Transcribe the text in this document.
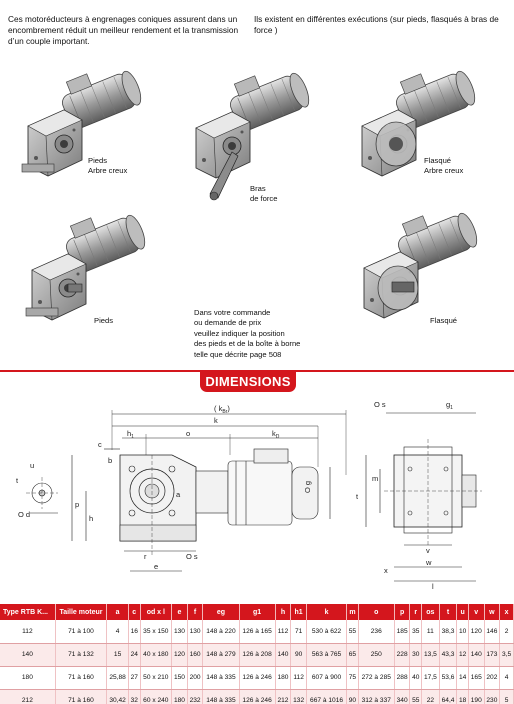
Ces motoréducteurs à engrenages coniques assurent dans un encombrement réduit un meilleur rendement et la transmission d’un couple important.
Ils existent en différentes exécutions (sur pieds, flasqués à bras de force )
Pieds
Arbre creux
Bras
de force
Flasqué
Arbre creux
Pieds	Flasqué
Dans votre commande
ou demande de prix
veuillez indiquer la position
des pieds et de la boîte à borne
telle que décrite page 508
DIMENSIONS
( $k_{Br}$)
k
$h_1$	o	$k_D$
c
b
a
O g
u
t
O d
p
h
r	O s
e
O s	$g_1$
m
t
v
x
w
l
Type RTB K...	Taille moteur	a	c	od x l	e	f	eg	g1	h	h1	k	m	o	p	r	os	t	u	v	w	x
112	71 à 100	4	16	35 x 150	130	130	148 à 220	126 à 165	112	71	530 à 622	55	236	185	35	11	38,3	10	120	146	2
140	71 à 132	15	24	40 x 180	120	160	148 à 279	126 à 208	140	90	563 à 765	65	250	228	30	13,5	43,3	12	140	173	3,5
180	71 à 160	25,88	27	50 x 210	150	200	148 à 335	126 à 246	180	112	607 à 900	75	272 à 285	288	40	17,5	53,6	14	165	202	4
212	71 à 160	30,42	32	60 x 240	180	232	148 à 335	126 à 246	212	132	667 à 1016	90	312 à 337	340	55	22	64,4	18	190	230	5
